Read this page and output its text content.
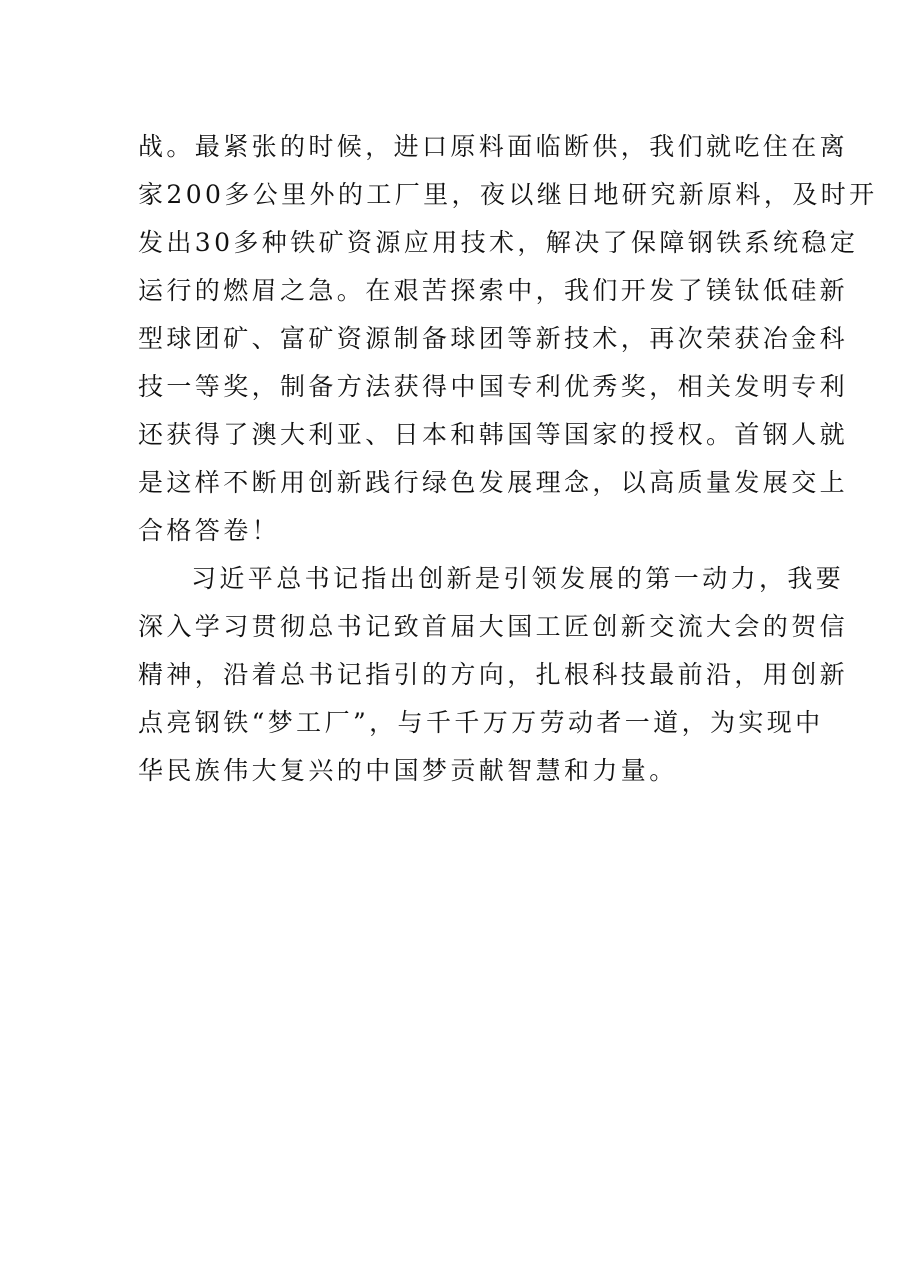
战。最紧张的时候，进口原料面临断供，我们就吃住在离
家200多公里外的工厂里，夜以继日地研究新原料，及时开
发出30多种铁矿资源应用技术，解决了保障钢铁系统稳定
运行的燃眉之急。在艰苦探索中，我们开发了镁钛低硅新
型球团矿、富矿资源制备球团等新技术，再次荣获冶金科
技一等奖，制备方法获得中国专利优秀奖，相关发明专利
还获得了澳大利亚、日本和韩国等国家的授权。首钢人就
是这样不断用创新践行绿色发展理念，以高质量发展交上
合格答卷！
习近平总书记指出创新是引领发展的第一动力，我要
深入学习贯彻总书记致首届大国工匠创新交流大会的贺信
精神，沿着总书记指引的方向，扎根科技最前沿，用创新
点亮钢铁“梦工厂”，与千千万万劳动者一道，为实现中
华民族伟大复兴的中国梦贡献智慧和力量。
